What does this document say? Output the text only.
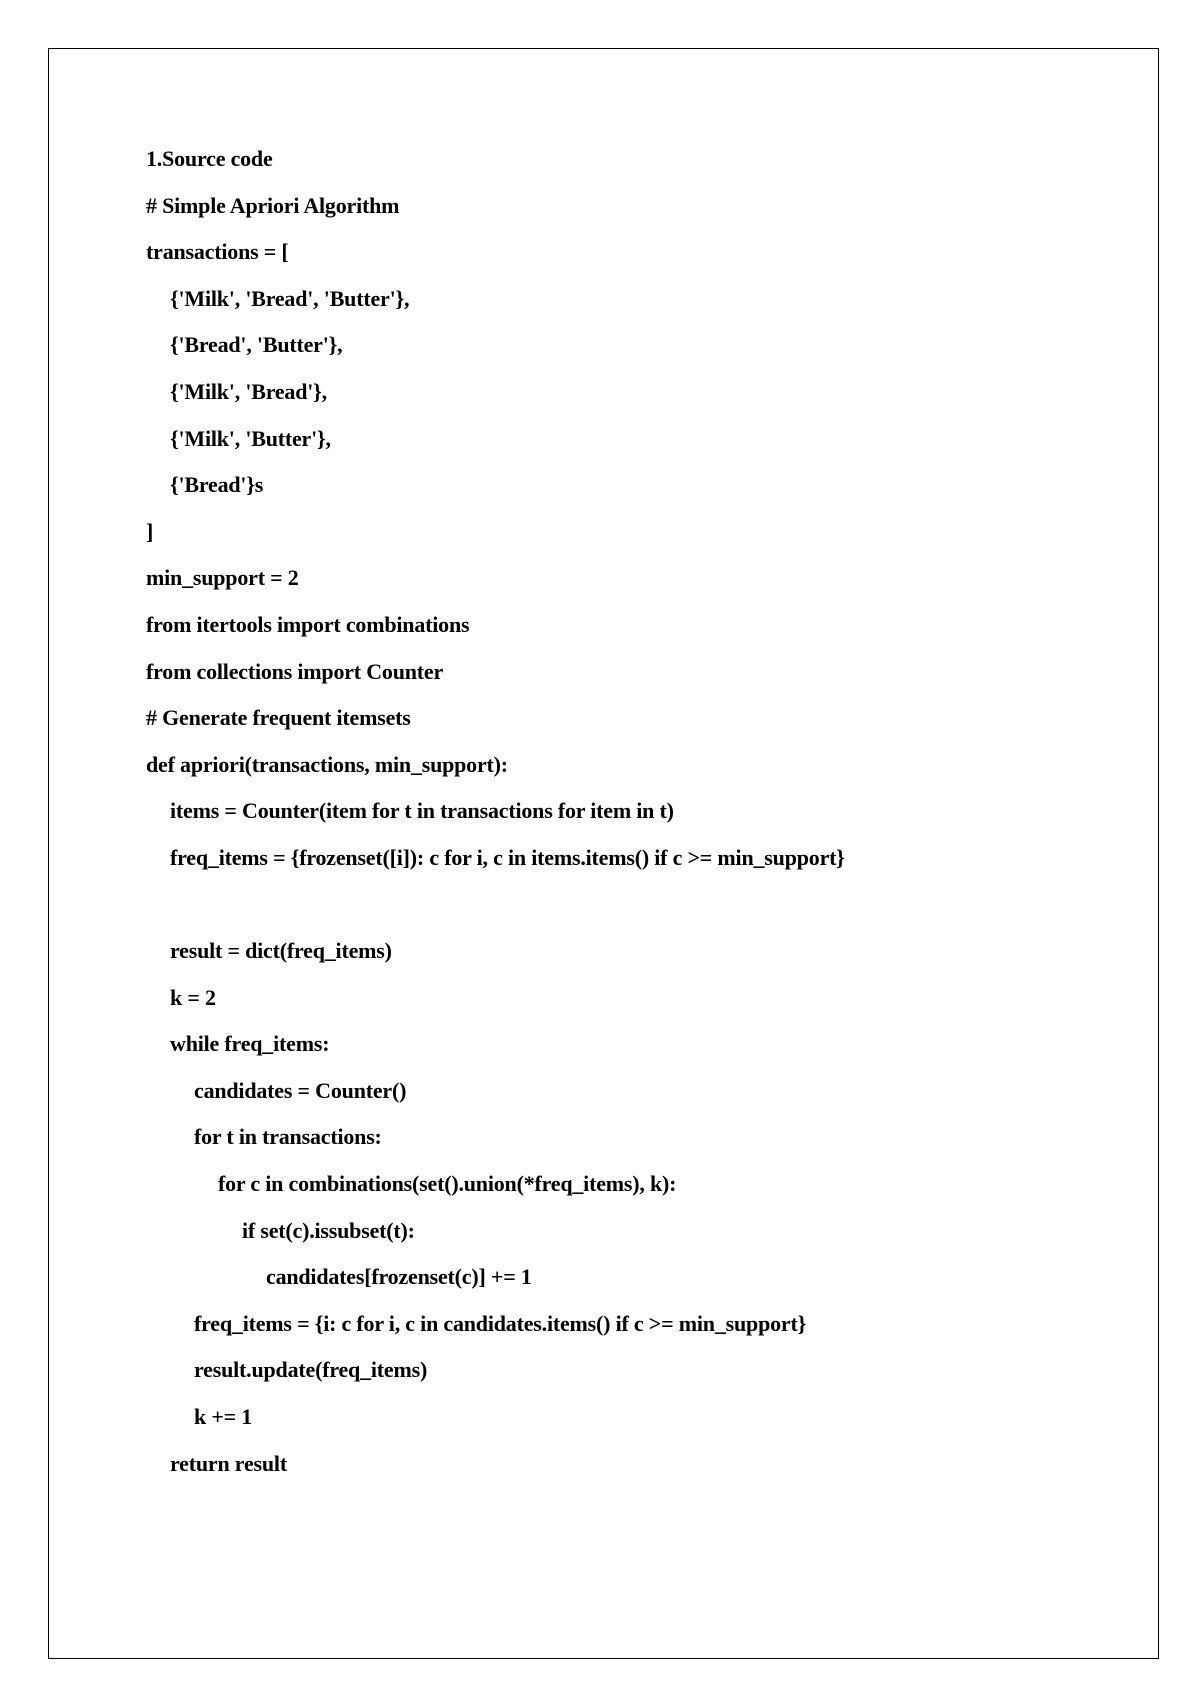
1.Source code
# Simple Apriori Algorithm
transactions = [
{'Milk', 'Bread', 'Butter'},
{'Bread', 'Butter'},
{'Milk', 'Bread'},
{'Milk', 'Butter'},
{'Bread'}s
]
min_support = 2
from itertools import combinations
from collections import Counter
# Generate frequent itemsets
def apriori(transactions, min_support):
items = Counter(item for t in transactions for item in t)
freq_items = {frozenset([i]): c for i, c in items.items() if c >= min_support}
result = dict(freq_items)
k = 2
while freq_items:
candidates = Counter()
for t in transactions:
for c in combinations(set().union(*freq_items), k):
if set(c).issubset(t):
candidates[frozenset(c)] += 1
freq_items = {i: c for i, c in candidates.items() if c >= min_support}
result.update(freq_items)
k += 1
return result
